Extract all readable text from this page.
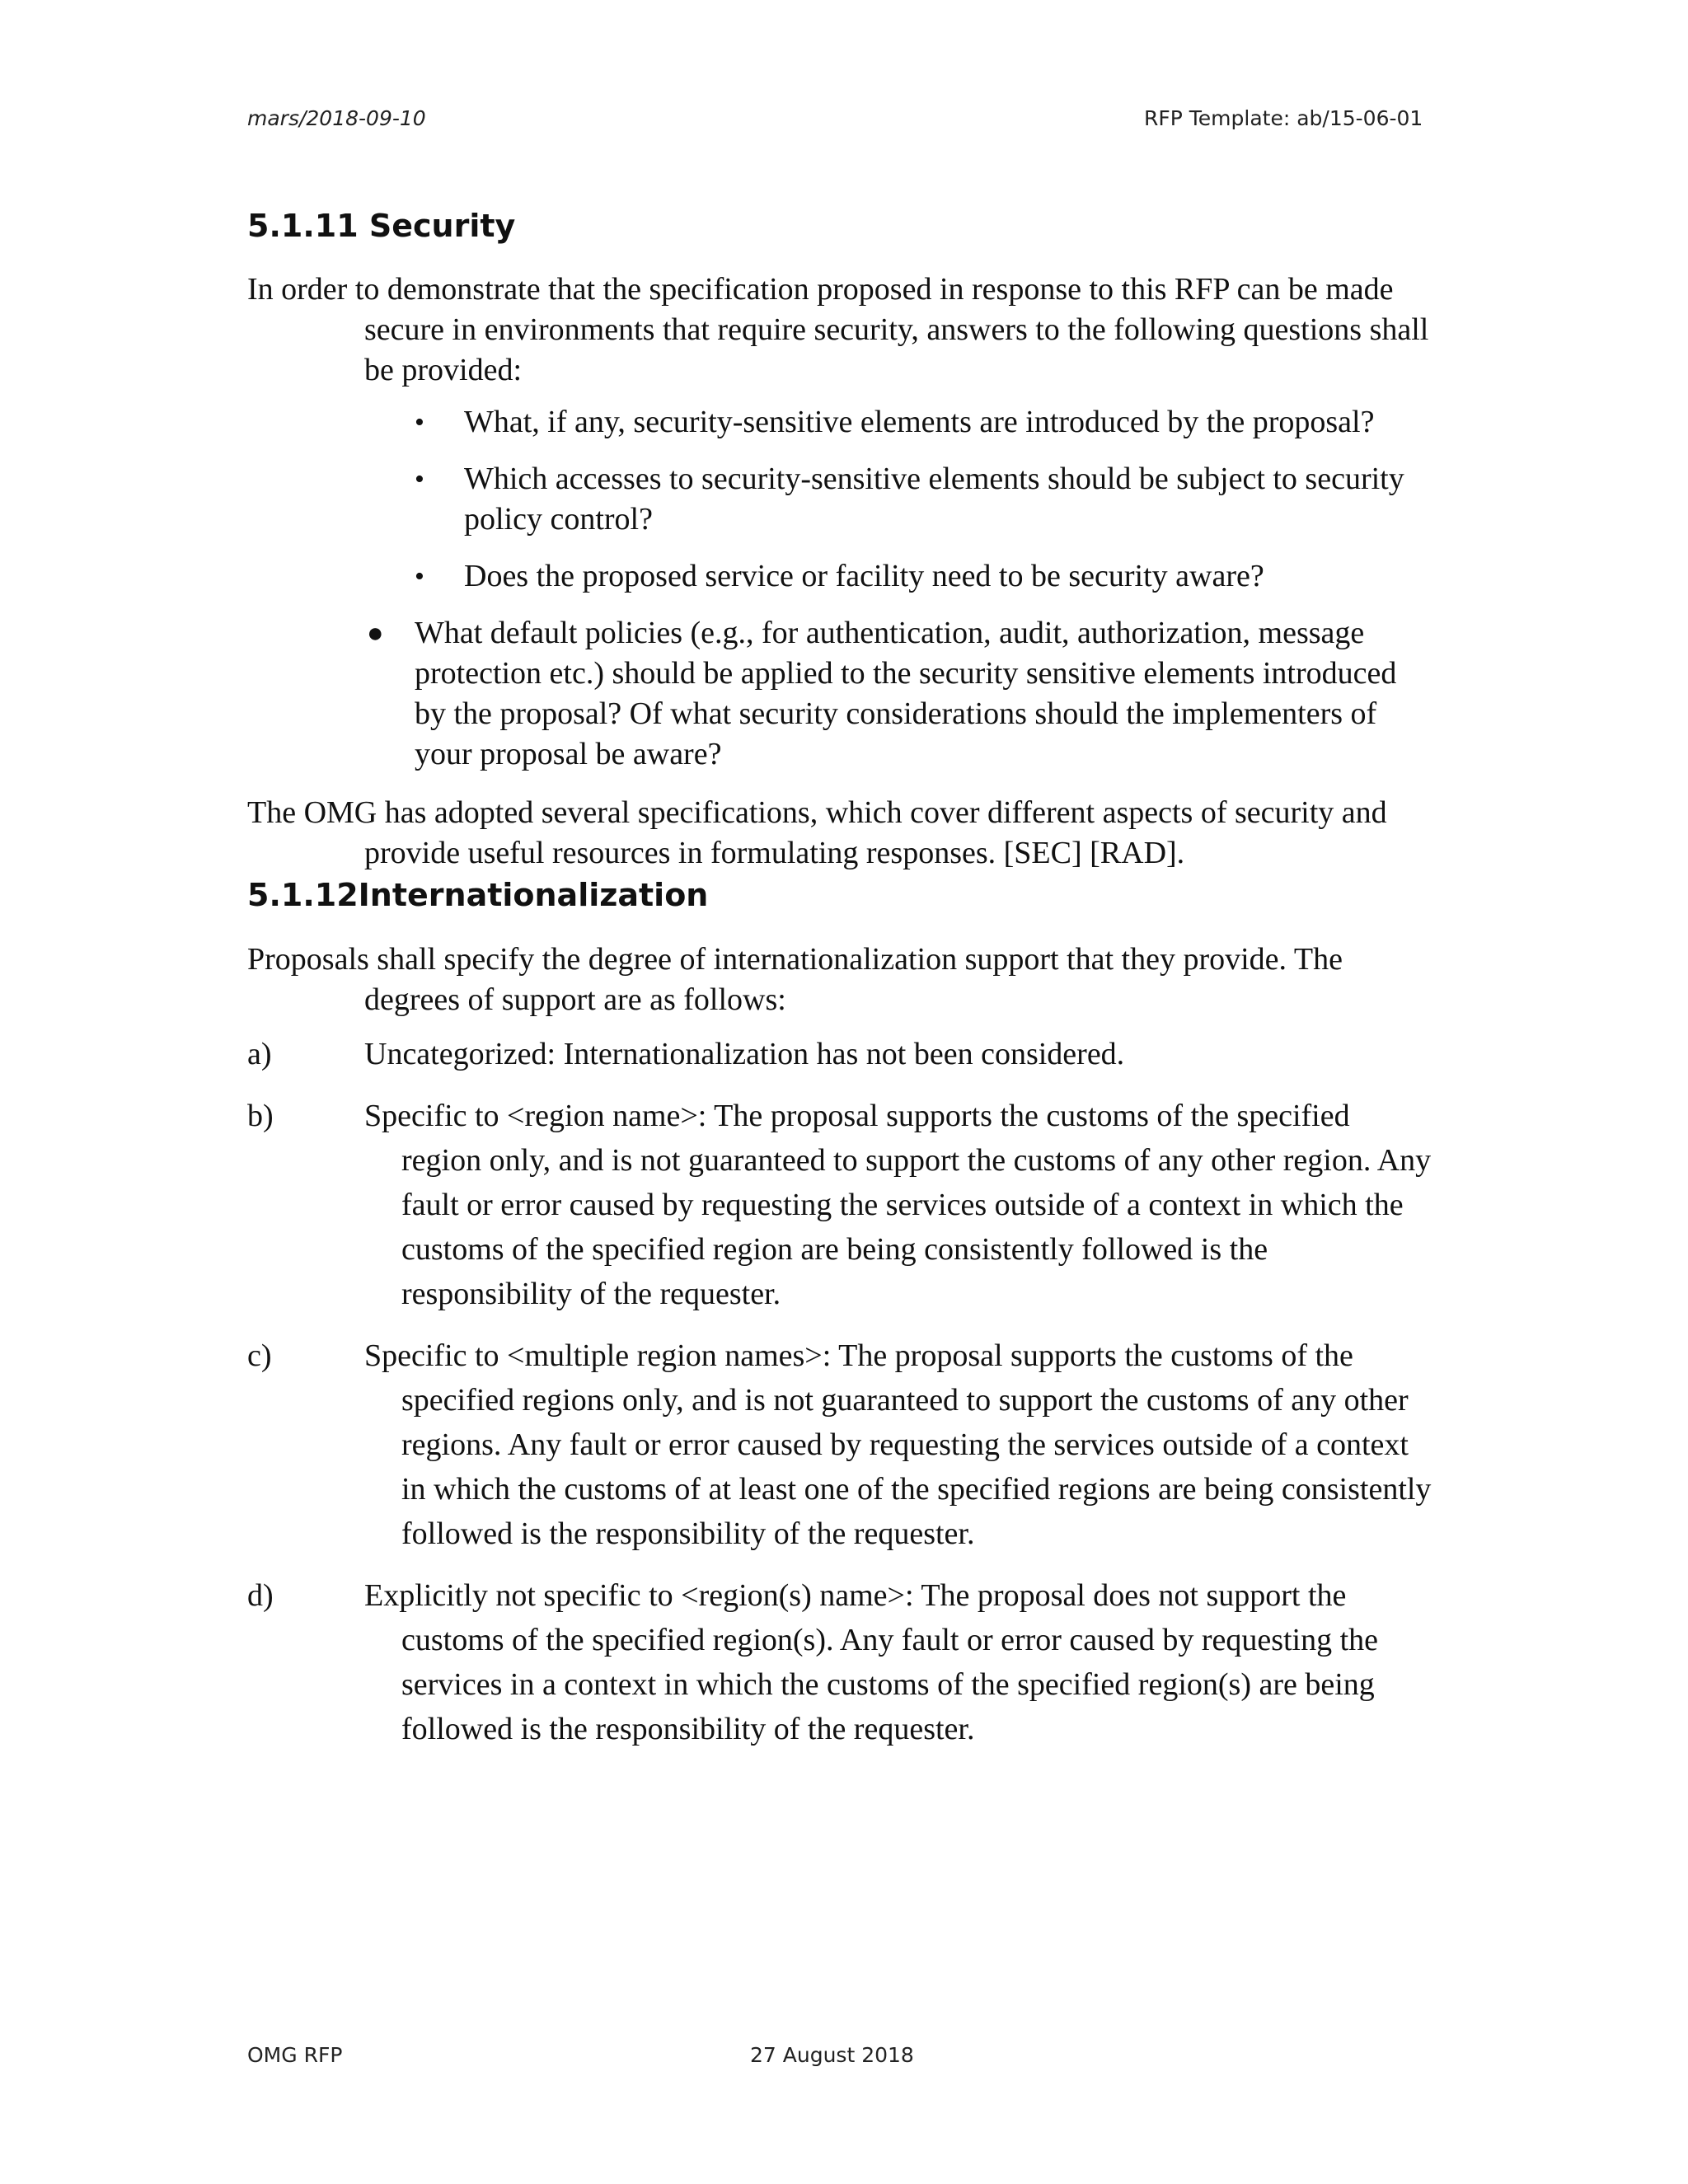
mars/2018-09-10	RFP Template: ab/15-06-01
5.1.11 Security

In order to demonstrate that the specification proposed in response to this RFP can be made secure in environments that require security, answers to the following questions shall be provided:

• What, if any, security-sensitive elements are introduced by the proposal?
• Which accesses to security-sensitive elements should be subject to security policy control?
• Does the proposed service or facility need to be security aware?
● What default policies (e.g., for authentication, audit, authorization, message protection etc.) should be applied to the security sensitive elements introduced by the proposal? Of what security considerations should the implementers of your proposal be aware?

The OMG has adopted several specifications, which cover different aspects of security and provide useful resources in formulating responses. [SEC] [RAD].

5.1.12Internationalization

Proposals shall specify the degree of internationalization support that they provide. The degrees of support are as follows:

a)	Uncategorized: Internationalization has not been considered.
b)	Specific to <region name>: The proposal supports the customs of the specified region only, and is not guaranteed to support the customs of any other region. Any fault or error caused by requesting the services outside of a context in which the customs of the specified region are being consistently followed is the responsibility of the requester.
c)	Specific to <multiple region names>: The proposal supports the customs of the specified regions only, and is not guaranteed to support the customs of any other regions. Any fault or error caused by requesting the services outside of a context in which the customs of at least one of the specified regions are being consistently followed is the responsibility of the requester.
d)	Explicitly not specific to <region(s) name>: The proposal does not support the customs of the specified region(s). Any fault or error caused by requesting the services in a context in which the customs of the specified region(s) are being followed is the responsibility of the requester.
OMG RFP	27 August 2018
